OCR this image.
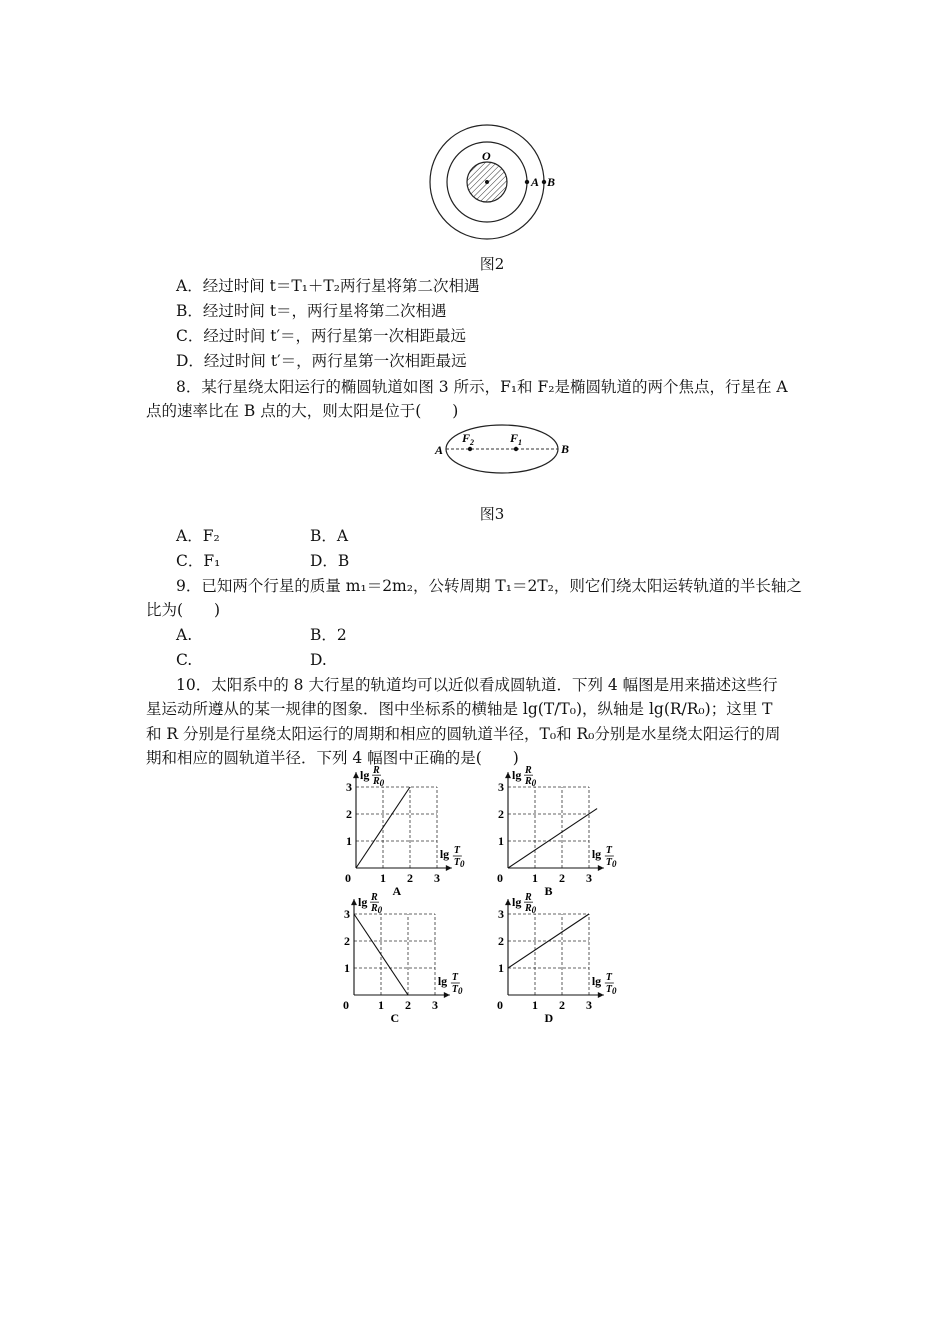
O
A B
图2
A．经过时间 t＝T₁＋T₂两行星将第二次相遇
B．经过时间 t＝，两行星将第二次相遇
C．经过时间 t′＝，两行星第一次相距最远
D．经过时间 t′＝，两行星第一次相距最远
8．某行星绕太阳运行的椭圆轨道如图 3 所示，F₁和 F₂是椭圆轨道的两个焦点，行星在 A
点的速率比在 B 点的大，则太阳是位于(　　)
$F_2$	$F_1$
A	B
图3
A．F₂	B．A
C．F₁	D．B
9．已知两个行星的质量 m₁＝2m₂，公转周期 T₁＝2T₂，则它们绕太阳运转轨道的半长轴之
比为(　　)
A.	B．2
C.	D.
10．太阳系中的 8 大行星的轨道均可以近似看成圆轨道．下列 4 幅图是用来描述这些行
星运动所遵从的某一规律的图象．图中坐标系的横轴是 lg(T/T₀)，纵轴是 lg(R/R₀)；这里 T
和 R 分别是行星绕太阳运行的周期和相应的圆轨道半径，T₀和 R₀分别是水星绕太阳运行的周
期和相应的圆轨道半径．下列 4 幅图中正确的是(　　)
0 1 2 3
1
2
3
lg R
R0
lg T
T0
A
0 1 2 3
1
2
3
lg R
R0
lg T
T0
B
0 1 2 3
1
2
3
lg R
R0
lg T
T0
C
0 1 2 3
1
2
3
lg R
R0
lg T
T0
D
